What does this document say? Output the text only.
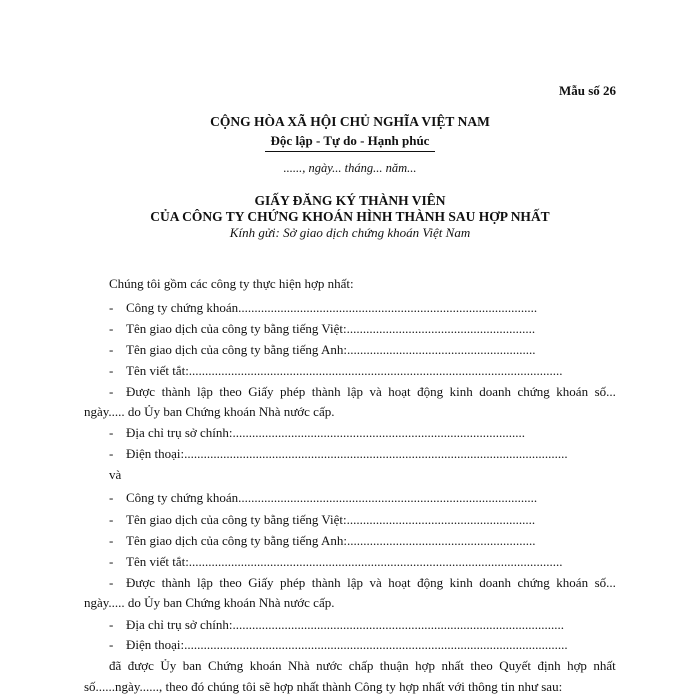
Mẫu số 26
CỘNG HÒA XÃ HỘI CHỦ NGHĨA VIỆT NAM
Độc lập - Tự do - Hạnh phúc
......, ngày... tháng... năm...
GIẤY ĐĂNG KÝ THÀNH VIÊN
CỦA CÔNG TY CHỨNG KHOÁN HÌNH THÀNH SAU HỢP NHẤT
Kính gửi: Sở giao dịch chứng khoán Việt Nam
Chúng tôi gồm các công ty thực hiện hợp nhất:
- Công ty chứng khoán............................................................................................
- Tên giao dịch của công ty bằng tiếng Việt:..........................................................
- Tên giao dịch của công ty bằng tiếng Anh:..........................................................
- Tên viết tắt:...................................................................................................................
- Được thành lập theo Giấy phép thành lập và hoạt động kinh doanh chứng khoán số...
ngày..... do Ủy ban Chứng khoán Nhà nước cấp.
- Địa chỉ trụ sở chính:..........................................................................................
- Điện thoại:......................................................................................................................
và
- Công ty chứng khoán............................................................................................
- Tên giao dịch của công ty bằng tiếng Việt:..........................................................
- Tên giao dịch của công ty bằng tiếng Anh:..........................................................
- Tên viết tắt:...................................................................................................................
- Được thành lập theo Giấy phép thành lập và hoạt động kinh doanh chứng khoán số...
ngày..... do Ủy ban Chứng khoán Nhà nước cấp.
- Địa chỉ trụ sở chính:......................................................................................................
- Điện thoại:......................................................................................................................
đã được Ủy ban Chứng khoán Nhà nước chấp thuận hợp nhất theo Quyết định hợp nhất
số......ngày......, theo đó chúng tôi sẽ hợp nhất thành Công ty hợp nhất với thông tin như sau:
